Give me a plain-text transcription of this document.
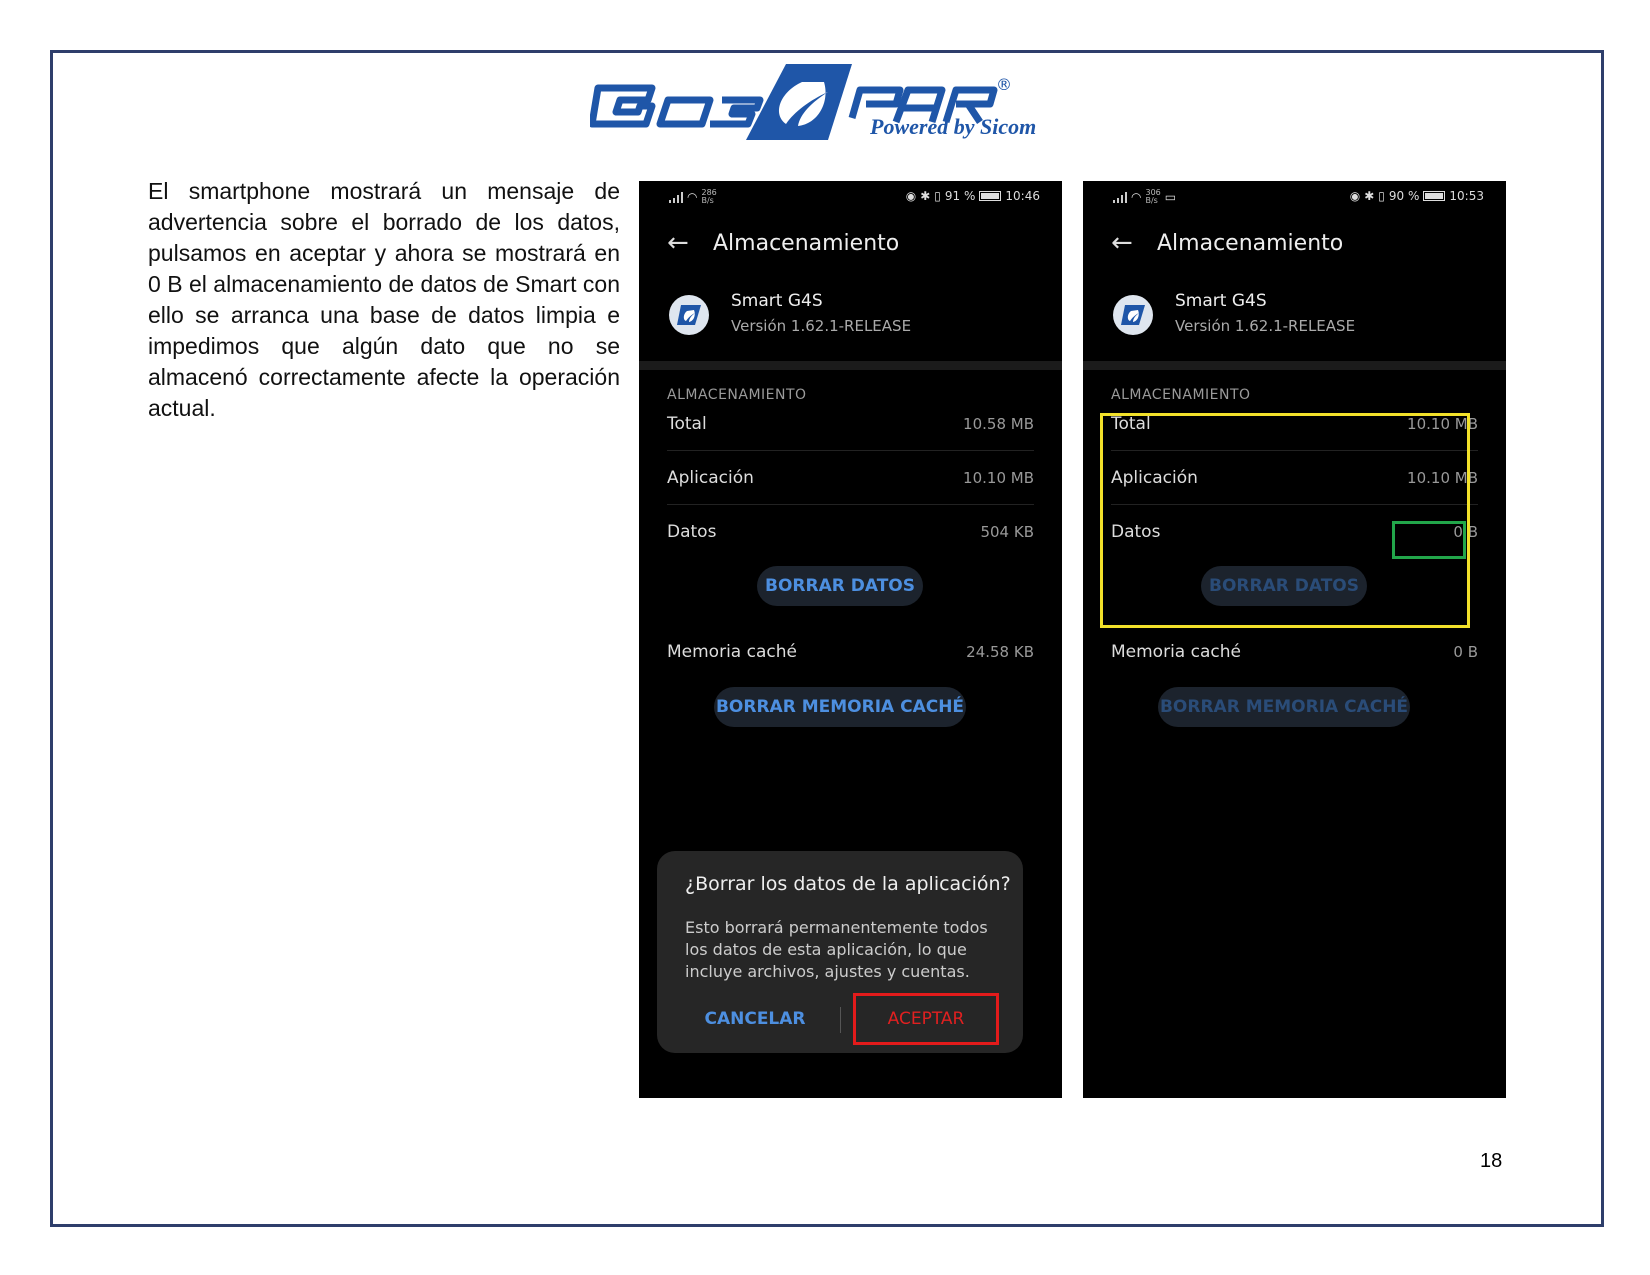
®
Powered by Sicom

El smartphone mostrará un mensaje de advertencia sobre el borrado de los datos, pulsamos en aceptar y ahora se mostrará en 0 B el almacenamiento de datos de Smart con ello se arranca una base de datos limpia e impedimos que algún dato que no se almacenó correctamente afecte la operación actual.

◠ 286
B/s	◉ ✱ ▯ 91 %	10:46
←	Almacenamiento
Smart G4S
Versión 1.62.1-RELEASE
ALMACENAMIENTO
Total	10.58 MB
Aplicación	10.10 MB
Datos	504 KB
BORRAR DATOS
Memoria caché	24.58 KB
BORRAR MEMORIA CACHÉ
¿Borrar los datos de la aplicación?
Esto borrará permanentemente todos los datos de esta aplicación, lo que incluye archivos, ajustes y cuentas.
CANCELAR	ACEPTAR
◠ 306
B/s ▭	◉ ✱ ▯ 90 %	10:53
←	Almacenamiento
Smart G4S
Versión 1.62.1-RELEASE
ALMACENAMIENTO
Total	10.10 MB
Aplicación	10.10 MB
Datos	0 B
BORRAR DATOS
Memoria caché	0 B
BORRAR MEMORIA CACHÉ
18
